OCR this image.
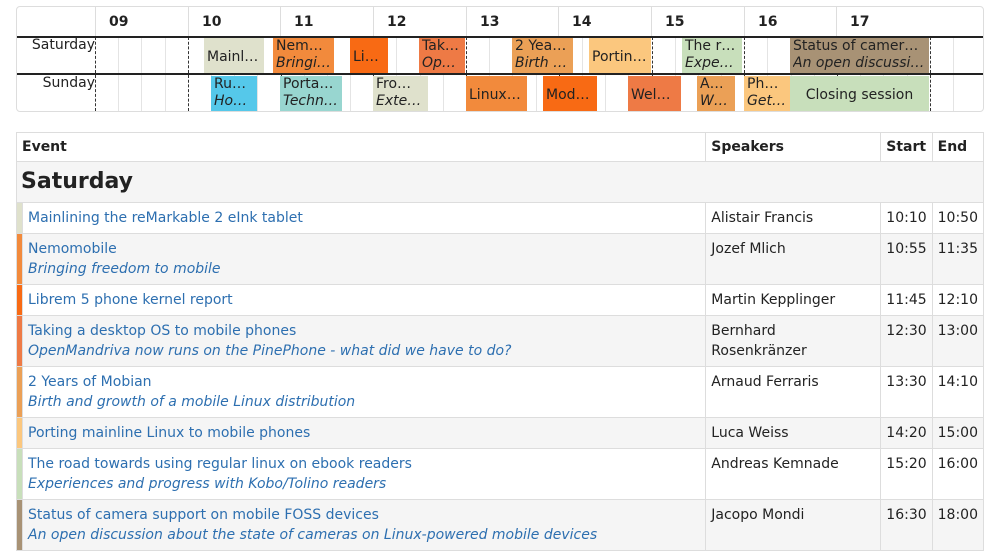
09	10	11	12	13	14	15	16	17
Saturday
Sunday
Mainl…
Nem…
Bringi… Li…
Tak…
Op…
2 Yea…
Birth … Portin…
The r…
Exper…
Status of camer…
An open discussi…
Ru…
Ho…
Porta…
Techn…
Fro…
Exte…	Linux… Mod…	Welc…
A…
W…
Ph…
Get…	Closing session
Event		Speakers	Start	End
Saturday				

	Mainlining the reMarkable 2 eInk tablet	Alistair Francis	10:10	10:50

	Nemomobile
Bringing freedom to mobile	Jozef Mlich	10:55	11:35

	Librem 5 phone kernel report	Martin Kepplinger	11:45	12:10

	Taking a desktop OS to mobile phones
OpenMandriva now runs on the PinePhone - what did we have to do?	Bernhard Rosenkränzer	12:30	13:00

	2 Years of Mobian
Birth and growth of a mobile Linux distribution	Arnaud Ferraris	13:30	14:10

	Porting mainline Linux to mobile phones	Luca Weiss	14:20	15:00

	The road towards using regular linux on ebook readers
Experiences and progress with Kobo/Tolino readers	Andreas Kemnade	15:20	16:00

	Status of camera support on mobile FOSS devices
An open discussion about the state of cameras on Linux-powered mobile devices	Jacopo Mondi	16:30	18:00
